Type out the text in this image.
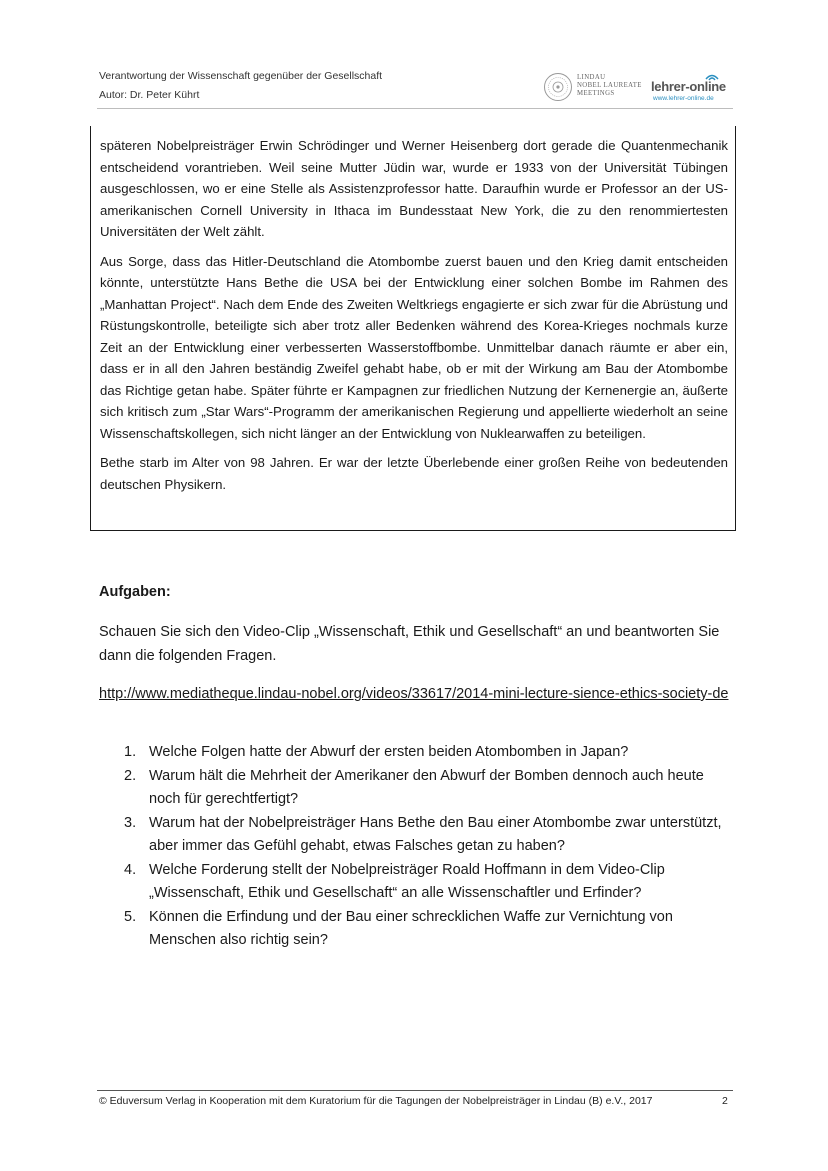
Verantwortung der Wissenschaft gegenüber der Gesellschaft
Autor: Dr. Peter Kührt
LINDAU
NOBEL LAUREATE
MEETINGS	lehrer-online
www.lehrer-online.de

späteren Nobelpreisträger Erwin Schrödinger und Werner Heisenberg dort gerade die Quantenmechanik entscheidend vorantrieben. Weil seine Mutter Jüdin war, wurde er 1933 von der Universität Tübingen ausgeschlossen, wo er eine Stelle als Assistenzprofessor hatte. Daraufhin wurde er Professor an der US-amerikanischen Cornell University in Ithaca im Bundesstaat New York, die zu den renommiertesten Universitäten der Welt zählt.

Aus Sorge, dass das Hitler-Deutschland die Atombombe zuerst bauen und den Krieg damit entscheiden könnte, unterstützte Hans Bethe die USA bei der Entwicklung einer solchen Bombe im Rahmen des „Manhattan Project“. Nach dem Ende des Zweiten Weltkriegs engagierte er sich zwar für die Abrüstung und Rüstungskontrolle, beteiligte sich aber trotz aller Bedenken während des Korea-Krieges nochmals kurze Zeit an der Entwicklung einer verbesserten Wasserstoffbombe. Unmittelbar danach räumte er aber ein, dass er in all den Jahren beständig Zweifel gehabt habe, ob er mit der Wirkung am Bau der Atombombe das Richtige getan habe. Später führte er Kampagnen zur friedlichen Nutzung der Kernenergie an, äußerte sich kritisch zum „Star Wars“-Programm der amerikanischen Regierung und appellierte wiederholt an seine Wissenschaftskollegen, sich nicht länger an der Entwicklung von Nuklearwaffen zu beteiligen.

Bethe starb im Alter von 98 Jahren. Er war der letzte Überlebende einer großen Reihe von bedeutenden deutschen Physikern.

Aufgaben:
Schauen Sie sich den Video-Clip „Wissenschaft, Ethik und Gesellschaft“ an und beantworten Sie dann die folgenden Fragen.
http://www.mediatheque.lindau-nobel.org/videos/33617/2014-mini-lecture-sience-ethics-society-de
1. Welche Folgen hatte der Abwurf der ersten beiden Atombomben in Japan?
2. Warum hält die Mehrheit der Amerikaner den Abwurf der Bomben dennoch auch heute noch für gerechtfertigt?
3. Warum hat der Nobelpreisträger Hans Bethe den Bau einer Atombombe zwar unterstützt, aber immer das Gefühl gehabt, etwas Falsches getan zu haben?
4. Welche Forderung stellt der Nobelpreisträger Roald Hoffmann in dem Video-Clip „Wissenschaft, Ethik und Gesellschaft“ an alle Wissenschaftler und Erfinder?
5. Können die Erfindung und der Bau einer schrecklichen Waffe zur Vernichtung von Menschen also richtig sein?
© Eduversum Verlag in Kooperation mit dem Kuratorium für die Tagungen der Nobelpreisträger in Lindau (B) e.V., 2017	2
